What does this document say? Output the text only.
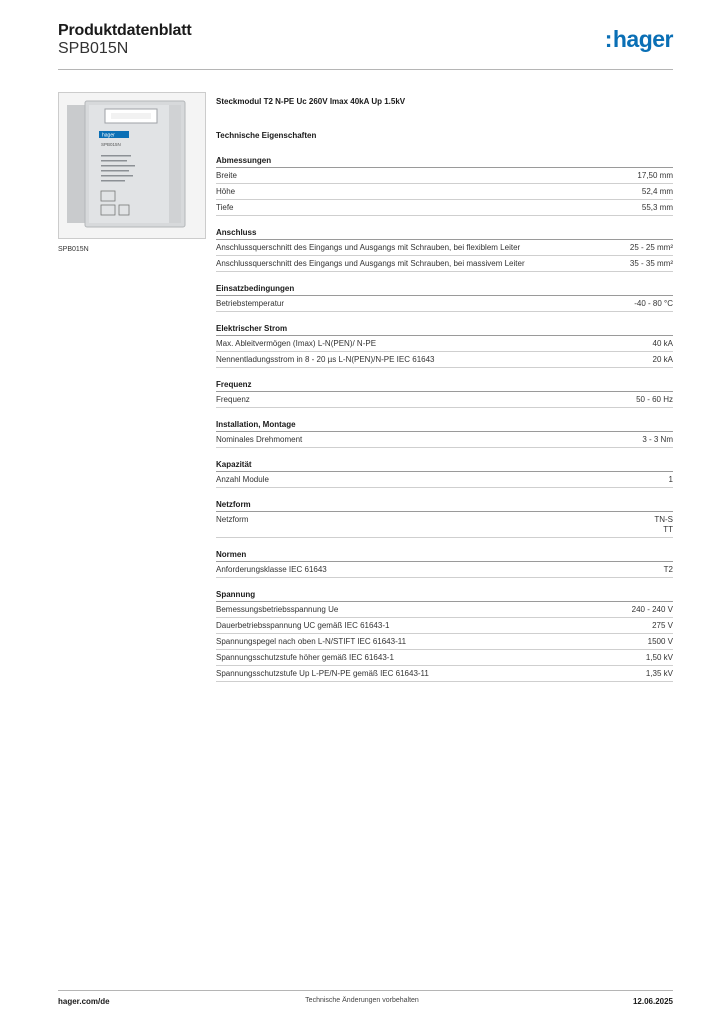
Produktdatenblatt
SPB015N	:hager
hager
SPB015N
SPB015N
Steckmodul T2 N-PE Uc 260V Imax 40kA Up 1.5kV
Technische Eigenschaften
Abmessungen
Breite	17,50 mm
Höhe	52,4 mm
Tiefe	55,3 mm
Anschluss
Anschlussquerschnitt des Eingangs und Ausgangs mit Schrauben, bei flexiblem Leiter	25 - 25 mm²
Anschlussquerschnitt des Eingangs und Ausgangs mit Schrauben, bei massivem Leiter	35 - 35 mm²
Einsatzbedingungen
Betriebstemperatur	-40 - 80 °C
Elektrischer Strom
Max. Ableitvermögen (Imax) L-N(PEN)/ N-PE	40 kA
Nennentladungsstrom in 8 - 20 µs L-N(PEN)/N-PE IEC 61643	20 kA
Frequenz
Frequenz	50 - 60 Hz
Installation, Montage
Nominales Drehmoment	3 - 3 Nm
Kapazität
Anzahl Module	1
Netzform
Netzform	TN-S
TT
Normen
Anforderungsklasse IEC 61643	T2
Spannung
Bemessungsbetriebsspannung Ue	240 - 240 V
Dauerbetriebsspannung UC gemäß IEC 61643-1	275 V
Spannungspegel nach oben L-N/STIFT IEC 61643-11	1500 V
Spannungsschutzstufe höher gemäß IEC 61643-1	1,50 kV
Spannungsschutzstufe Up L-PE/N-PE gemäß IEC 61643-11	1,35 kV
hager.com/de	Technische Änderungen vorbehalten	12.06.2025
